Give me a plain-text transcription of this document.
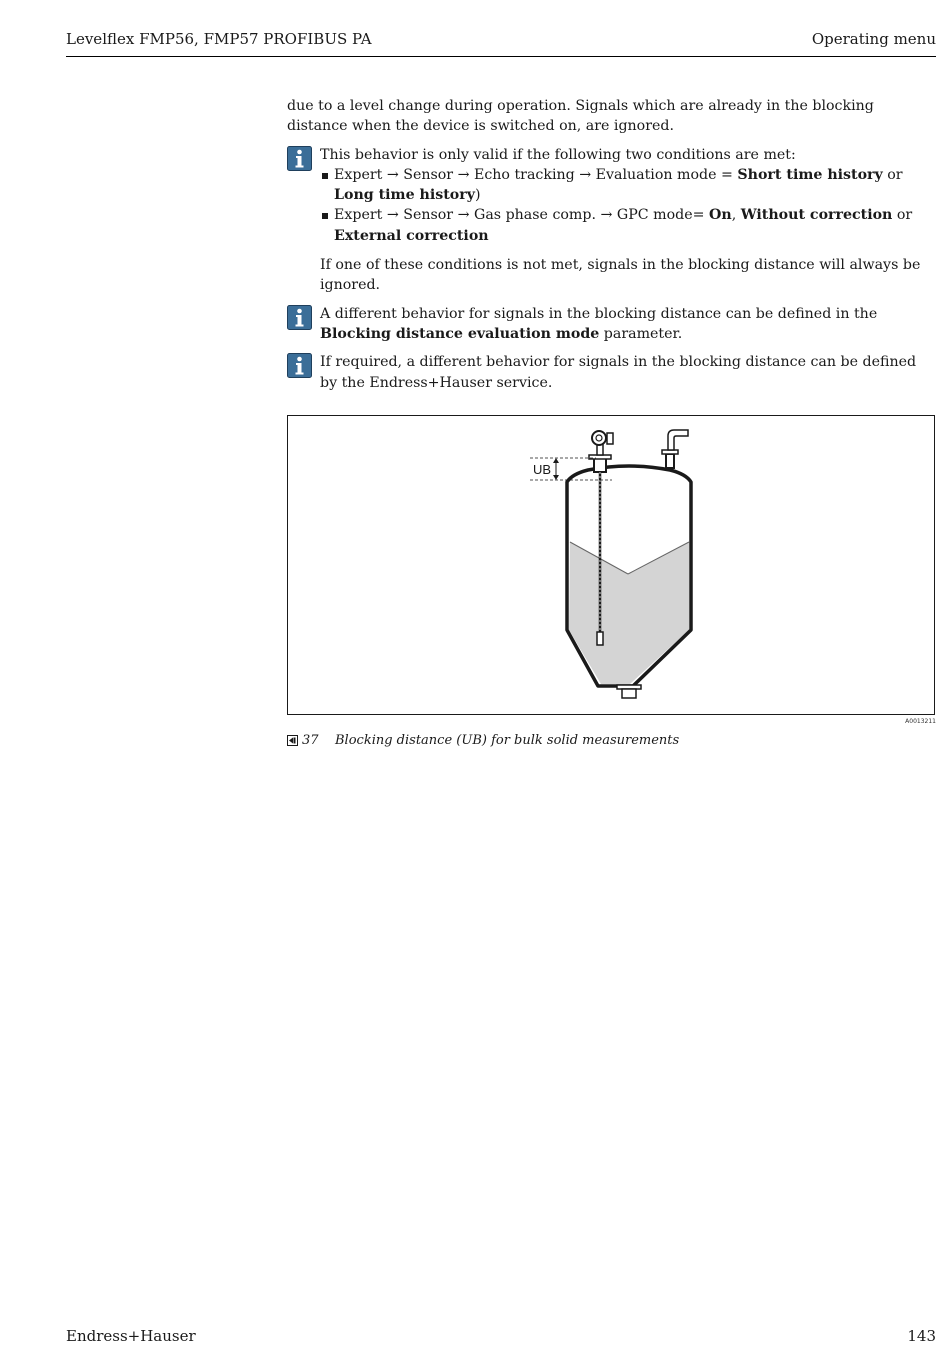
Levelflex FMP56, FMP57 PROFIBUS PA	Operating menu

due to a level change during operation. Signals which are already in the blocking distance when the device is switched on, are ignored.

This behavior is only valid if the following two conditions are met:

Expert → Sensor → Echo tracking → Evaluation mode = Short time history or Long time history)
Expert → Sensor → Gas phase comp. → GPC mode= On, Without correction or External correction

If one of these conditions is not met, signals in the blocking distance will always be ignored.

A different behavior for signals in the blocking distance can be defined in the Blocking distance evaluation mode parameter.

If required, a different behavior for signals in the blocking distance can be defined by the Endress+Hauser service.

UB
A0013211
37 Blocking distance (UB) for bulk solid measurements
Endress+Hauser	143
